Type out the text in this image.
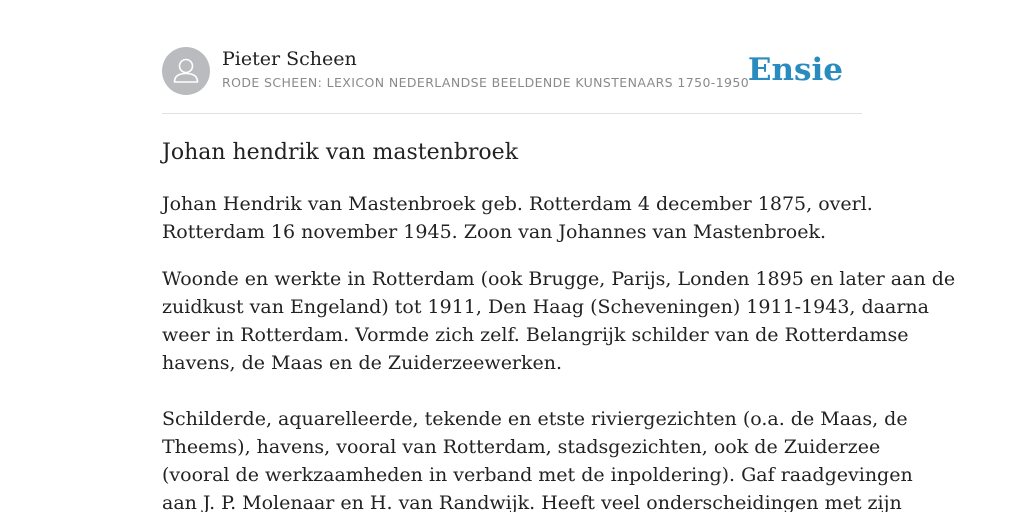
Pieter Scheen
RODE SCHEEN: LEXICON NEDERLANDSE BEELDENDE KUNSTENAARS 1750-1950
Ensie
Johan hendrik van mastenbroek

Johan Hendrik van Mastenbroek geb. Rotterdam 4 december 1875, overl.
Rotterdam 16 november 1945. Zoon van Johannes van Mastenbroek.

Woonde en werkte in Rotterdam (ook Brugge, Parijs, Londen 1895 en later aan de
zuidkust van Engeland) tot 1911, Den Haag (Scheveningen) 1911-1943, daarna
weer in Rotterdam. Vormde zich zelf. Belangrijk schilder van de Rotterdamse
havens, de Maas en de Zuiderzeewerken.

Schilderde, aquarelleerde, tekende en etste riviergezichten (o.a. de Maas, de
Theems), havens, vooral van Rotterdam, stadsgezichten, ook de Zuiderzee
(vooral de werkzaamheden in verband met de inpoldering). Gaf raadgevingen
aan J. P. Molenaar en H. van Randwijk. Heeft veel onderscheidingen met zijn
